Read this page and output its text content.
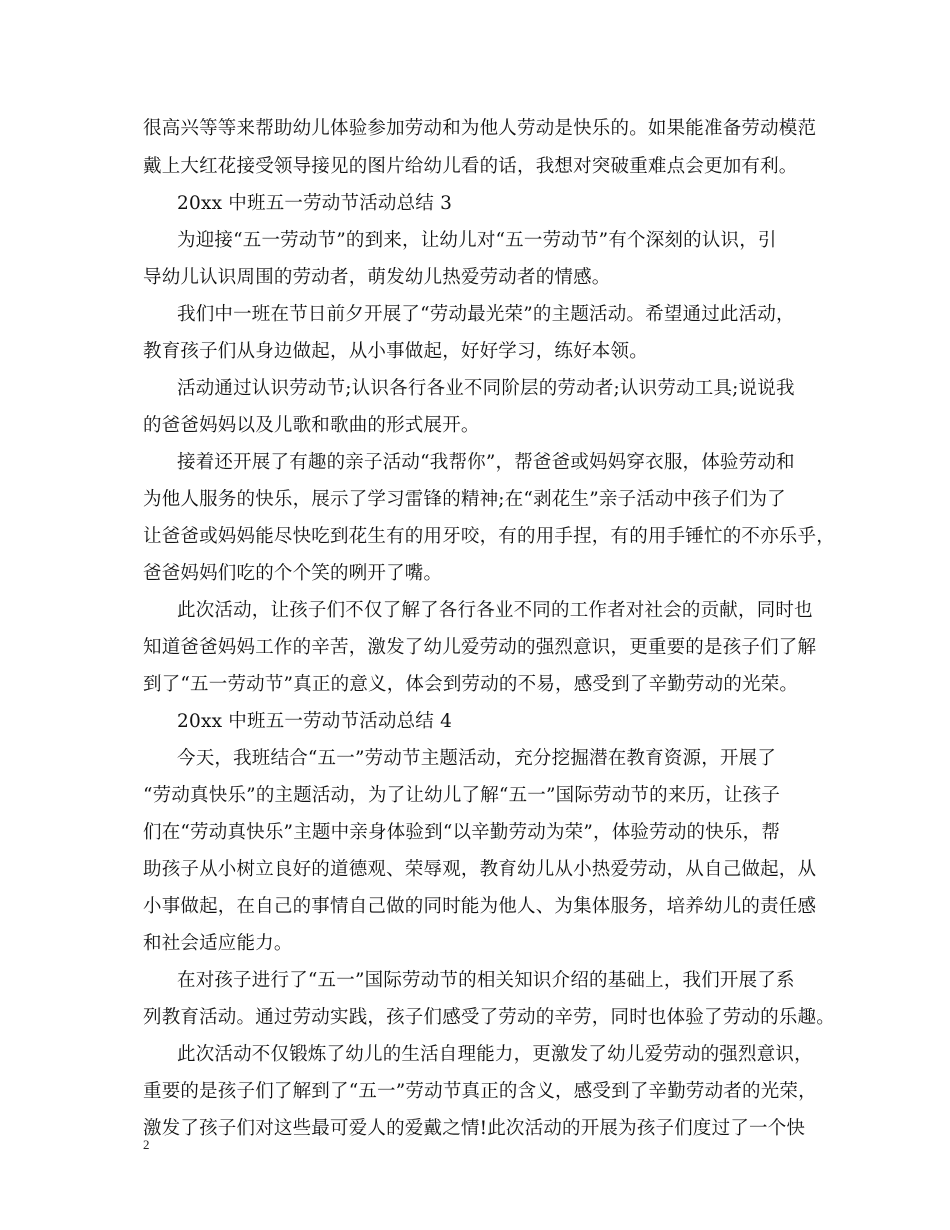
很高兴等等来帮助幼儿体验参加劳动和为他人劳动是快乐的。如果能准备劳动模范
戴上大红花接受领导接见的图片给幼儿看的话，我想对突破重难点会更加有利。
20xx 中班五一劳动节活动总结 3
为迎接“五一劳动节”的到来，让幼儿对“五一劳动节”有个深刻的认识，引
导幼儿认识周围的劳动者，萌发幼儿热爱劳动者的情感。
我们中一班在节日前夕开展了“劳动最光荣”的主题活动。希望通过此活动，
教育孩子们从身边做起，从小事做起，好好学习，练好本领。
活动通过认识劳动节;认识各行各业不同阶层的劳动者;认识劳动工具;说说我
的爸爸妈妈以及儿歌和歌曲的形式展开。
接着还开展了有趣的亲子活动“我帮你”，帮爸爸或妈妈穿衣服，体验劳动和
为他人服务的快乐，展示了学习雷锋的精神;在“剥花生”亲子活动中孩子们为了
让爸爸或妈妈能尽快吃到花生有的用牙咬，有的用手捏，有的用手锤忙的不亦乐乎，
爸爸妈妈们吃的个个笑的咧开了嘴。
此次活动，让孩子们不仅了解了各行各业不同的工作者对社会的贡献，同时也
知道爸爸妈妈工作的辛苦，激发了幼儿爱劳动的强烈意识，更重要的是孩子们了解
到了“五一劳动节”真正的意义，体会到劳动的不易，感受到了辛勤劳动的光荣。
20xx 中班五一劳动节活动总结 4
今天，我班结合“五一”劳动节主题活动，充分挖掘潜在教育资源，开展了
“劳动真快乐”的主题活动，为了让幼儿了解“五一”国际劳动节的来历，让孩子
们在“劳动真快乐”主题中亲身体验到“以辛勤劳动为荣”，体验劳动的快乐，帮
助孩子从小树立良好的道德观、荣辱观，教育幼儿从小热爱劳动，从自己做起，从
小事做起，在自己的事情自己做的同时能为他人、为集体服务，培养幼儿的责任感
和社会适应能力。
在对孩子进行了“五一”国际劳动节的相关知识介绍的基础上，我们开展了系
列教育活动。通过劳动实践，孩子们感受了劳动的辛劳，同时也体验了劳动的乐趣。
此次活动不仅锻炼了幼儿的生活自理能力，更激发了幼儿爱劳动的强烈意识，
重要的是孩子们了解到了“五一”劳动节真正的含义，感受到了辛勤劳动者的光荣，
激发了孩子们对这些最可爱人的爱戴之情!此次活动的开展为孩子们度过了一个快
2
